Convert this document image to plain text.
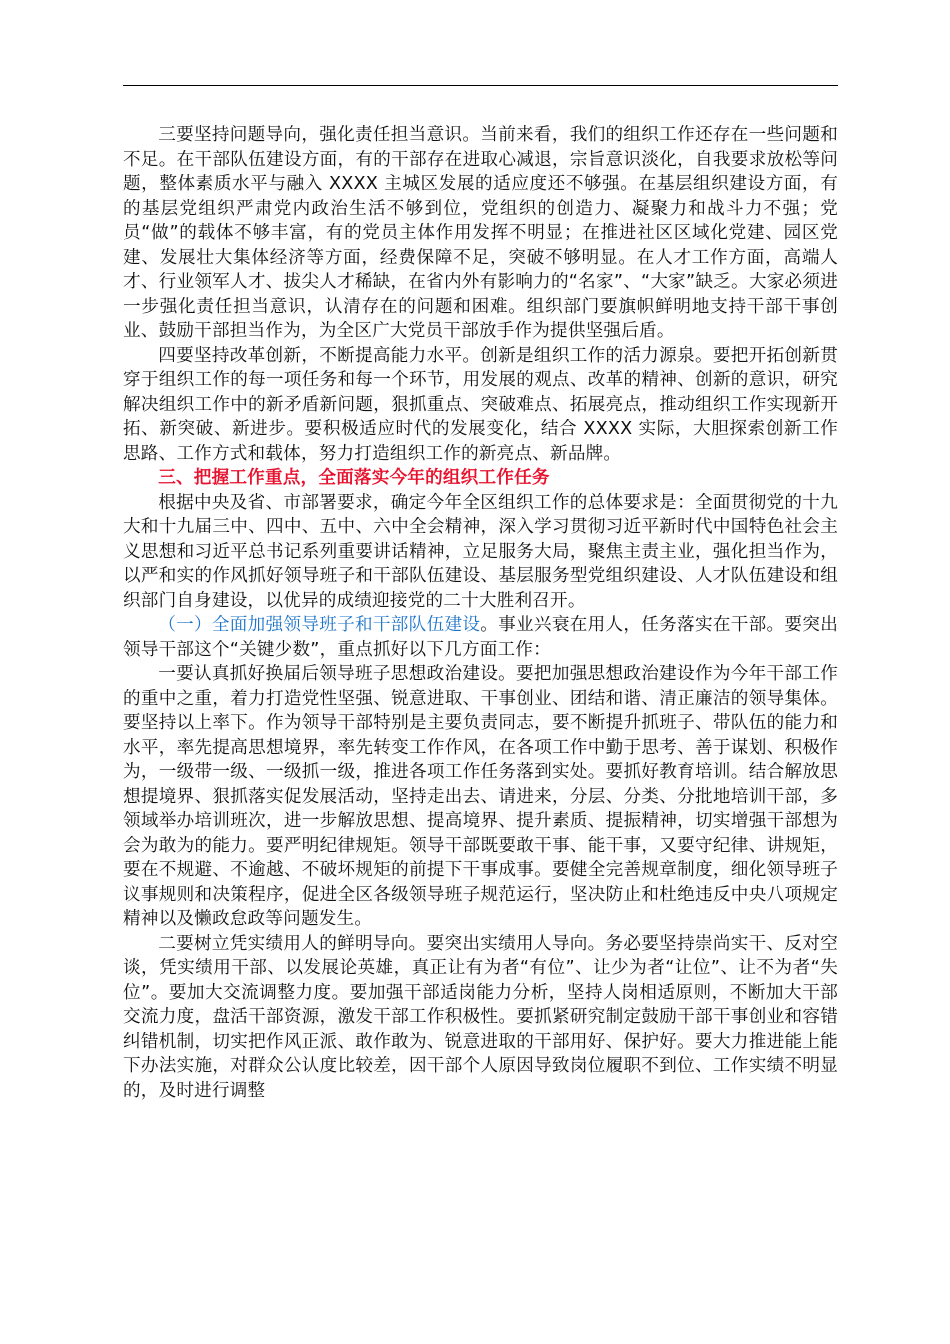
三要坚持问题导向，强化责任担当意识。当前来看，我们的组织工作还存在一些问题和不足。在干部队伍建设方面，有的干部存在进取心减退，宗旨意识淡化，自我要求放松等问题，整体素质水平与融入 XXXX 主城区发展的适应度还不够强。在基层组织建设方面，有的基层党组织严肃党内政治生活不够到位，党组织的创造力、凝聚力和战斗力不强；党员“做”的载体不够丰富，有的党员主体作用发挥不明显；在推进社区区域化党建、园区党建、发展壮大集体经济等方面，经费保障不足，突破不够明显。在人才工作方面，高端人才、行业领军人才、拔尖人才稀缺，在省内外有影响力的“名家”、“大家”缺乏。大家必须进一步强化责任担当意识，认清存在的问题和困难。组织部门要旗帜鲜明地支持干部干事创业、鼓励干部担当作为，为全区广大党员干部放手作为提供坚强后盾。

四要坚持改革创新，不断提高能力水平。创新是组织工作的活力源泉。要把开拓创新贯穿于组织工作的每一项任务和每一个环节，用发展的观点、改革的精神、创新的意识，研究解决组织工作中的新矛盾新问题，狠抓重点、突破难点、拓展亮点，推动组织工作实现新开拓、新突破、新进步。要积极适应时代的发展变化，结合 XXXX 实际，大胆探索创新工作思路、工作方式和载体，努力打造组织工作的新亮点、新品牌。

三、把握工作重点，全面落实今年的组织工作任务

根据中央及省、市部署要求，确定今年全区组织工作的总体要求是：全面贯彻党的十九大和十九届三中、四中、五中、六中全会精神，深入学习贯彻习近平新时代中国特色社会主义思想和习近平总书记系列重要讲话精神，立足服务大局，聚焦主责主业，强化担当作为，以严和实的作风抓好领导班子和干部队伍建设、基层服务型党组织建设、人才队伍建设和组织部门自身建设，以优异的成绩迎接党的二十大胜利召开。

（一）全面加强领导班子和干部队伍建设。事业兴衰在用人，任务落实在干部。要突出领导干部这个“关键少数”，重点抓好以下几方面工作：

一要认真抓好换届后领导班子思想政治建设。要把加强思想政治建设作为今年干部工作的重中之重，着力打造党性坚强、锐意进取、干事创业、团结和谐、清正廉洁的领导集体。要坚持以上率下。作为领导干部特别是主要负责同志，要不断提升抓班子、带队伍的能力和水平，率先提高思想境界，率先转变工作作风，在各项工作中勤于思考、善于谋划、积极作为，一级带一级、一级抓一级，推进各项工作任务落到实处。要抓好教育培训。结合解放思想提境界、狠抓落实促发展活动，坚持走出去、请进来，分层、分类、分批地培训干部，多领域举办培训班次，进一步解放思想、提高境界、提升素质、提振精神，切实增强干部想为会为敢为的能力。要严明纪律规矩。领导干部既要敢干事、能干事，又要守纪律、讲规矩，要在不规避、不逾越、不破坏规矩的前提下干事成事。要健全完善规章制度，细化领导班子议事规则和决策程序，促进全区各级领导班子规范运行，坚决防止和杜绝违反中央八项规定精神以及懒政怠政等问题发生。

二要树立凭实绩用人的鲜明导向。要突出实绩用人导向。务必要坚持崇尚实干、反对空谈，凭实绩用干部、以发展论英雄，真正让有为者“有位”、让少为者“让位”、让不为者“失位”。要加大交流调整力度。要加强干部适岗能力分析，坚持人岗相适原则，不断加大干部交流力度，盘活干部资源，激发干部工作积极性。要抓紧研究制定鼓励干部干事创业和容错纠错机制，切实把作风正派、敢作敢为、锐意进取的干部用好、保护好。要大力推进能上能下办法实施，对群众公认度比较差，因干部个人原因导致岗位履职不到位、工作实绩不明显的，及时进行调整
